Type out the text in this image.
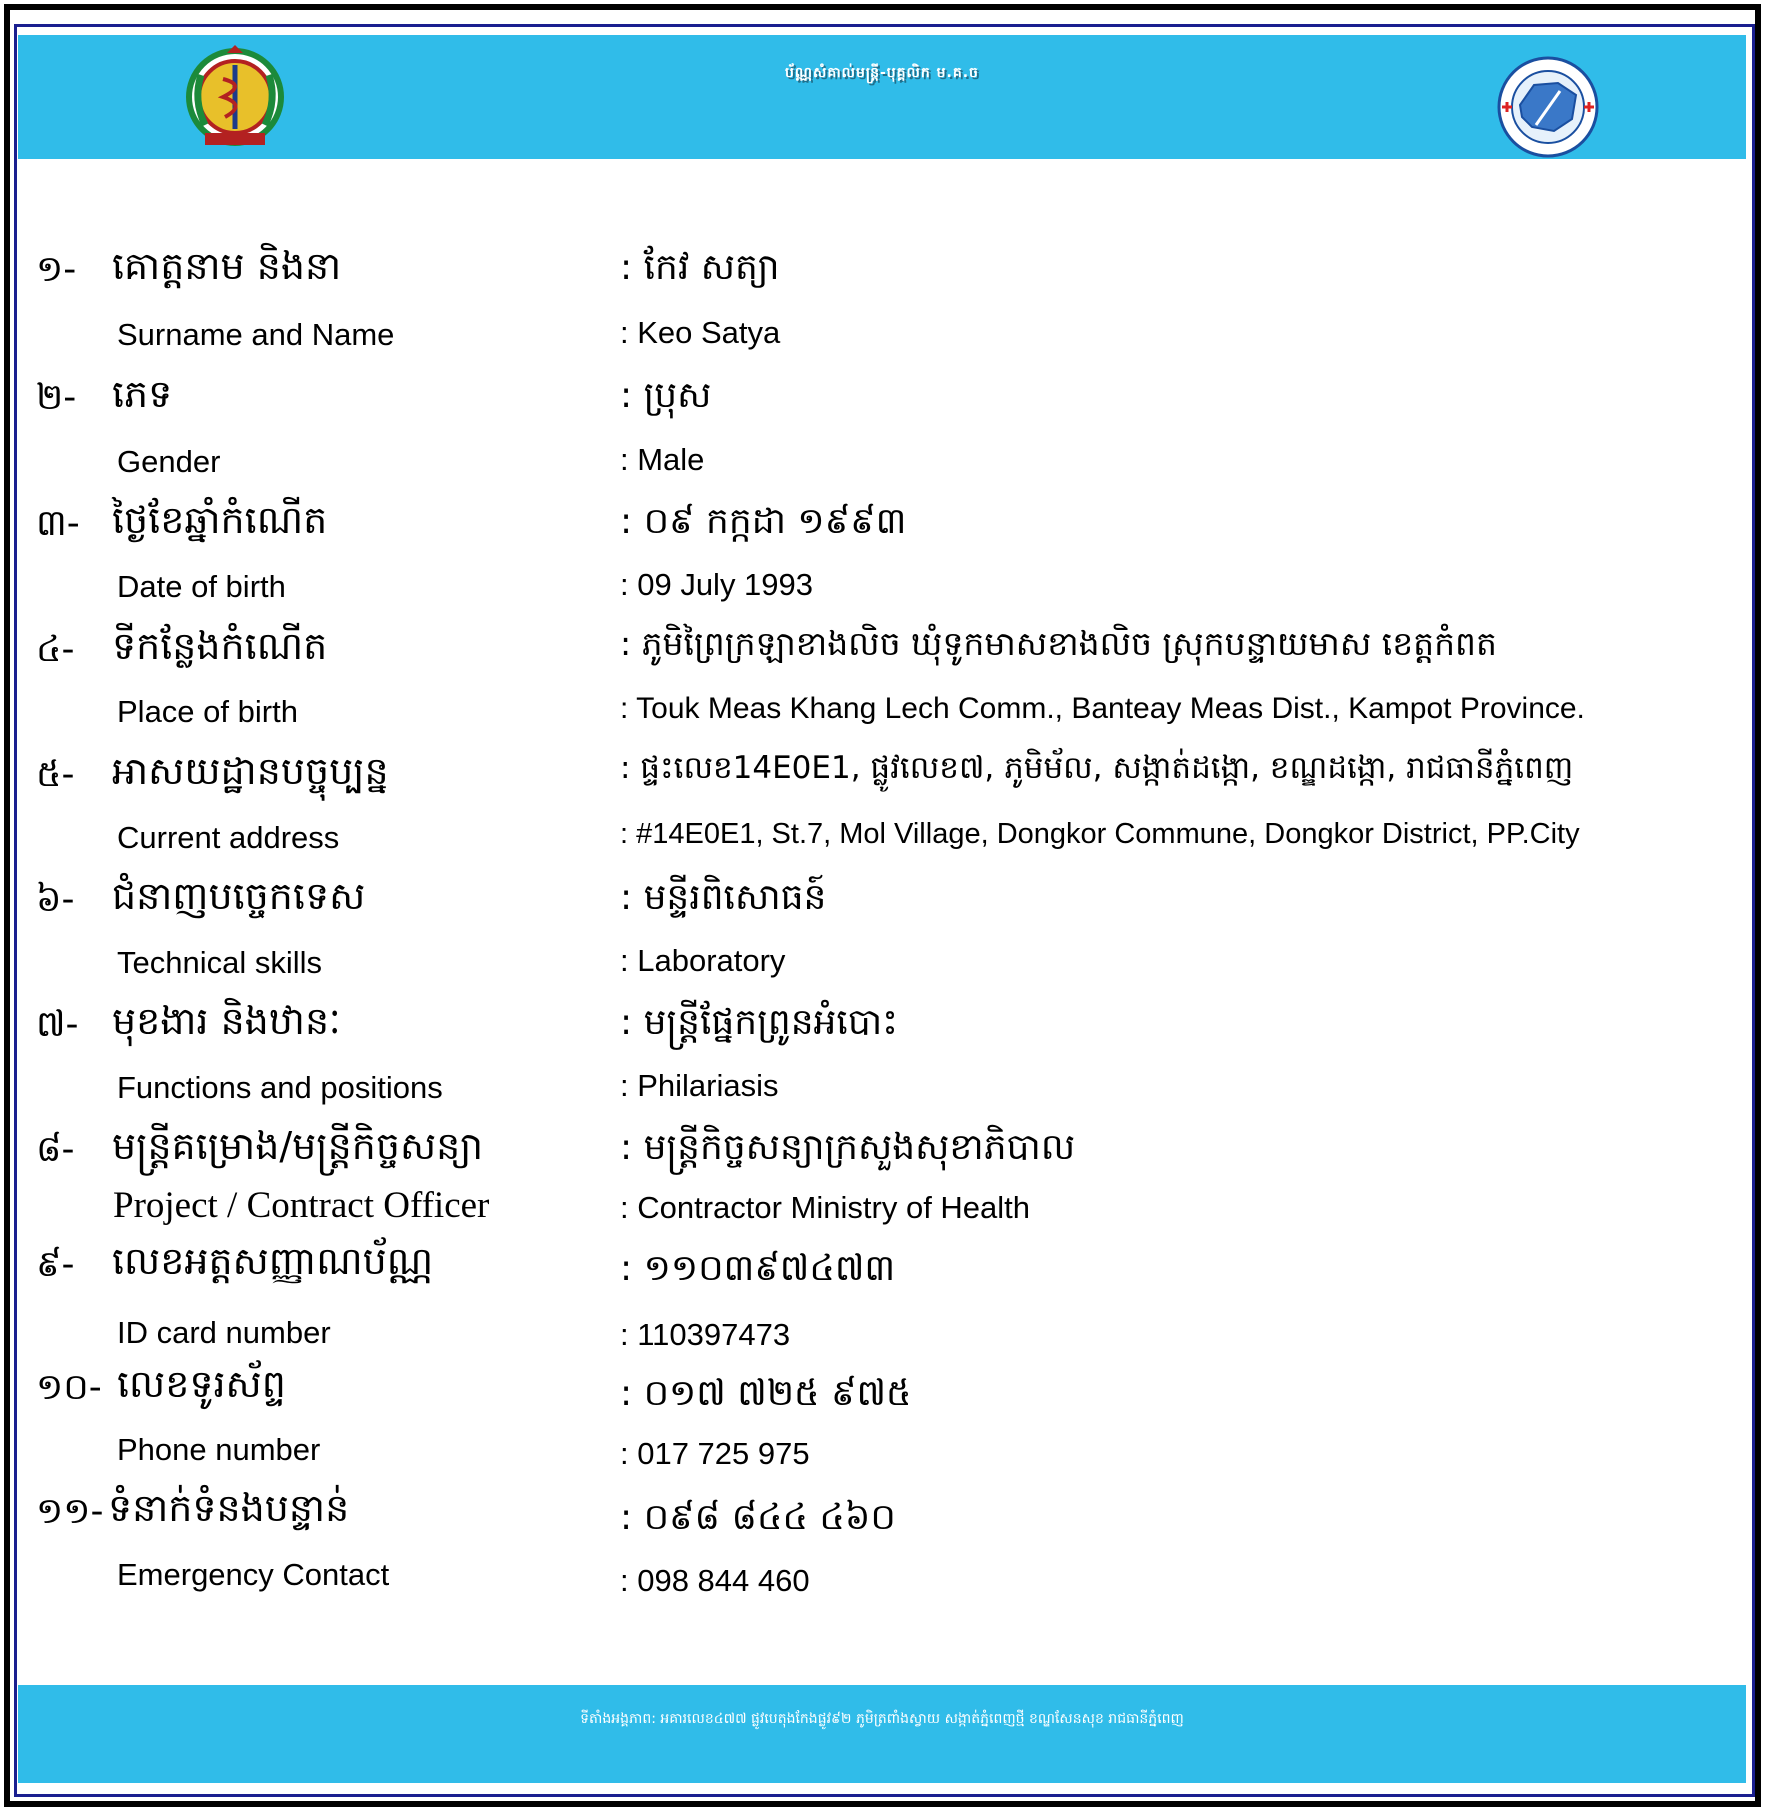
ប័ណ្ណសំគាល់មន្ត្រី-បុគ្គលិក ម.គ.ច
១- គោត្តនាម និងនា	: កែវ សត្យា
Surname and Name	: Keo Satya
២- ភេទ	: ប្រុស
Gender	: Male
៣- ថ្ងៃខែឆ្នាំកំណើត	: ០៩ កក្កដា ១៩៩៣
Date of birth	: 09 July 1993
៤- ទីកន្លែងកំណើត	: ភូមិព្រៃក្រឡាខាងលិច ឃុំទូកមាសខាងលិច ស្រុកបន្ទាយមាស ខេត្តកំពត
Place of birth	: Touk Meas Khang Lech Comm., Banteay Meas Dist., Kampot Province.
៥- អាសយដ្ឋានបច្ចុប្បន្ន	: ផ្ទះលេខ14E0E1, ផ្លូវលេខ៧, ភូមិម័ល, សង្កាត់ដង្កោ, ខណ្ឌដង្កោ, រាជធានីភ្នំពេញ
Current address	: #14E0E1, St.7, Mol Village, Dongkor Commune, Dongkor District, PP.City
៦- ជំនាញបច្ចេកទេស	: មន្ទីរពិសោធន៍
Technical skills	: Laboratory
៧- មុខងារ និងឋានៈ	: មន្ត្រីផ្នែកព្រូនអំបោះ
Functions and positions	: Philariasis
៨- មន្ត្រីគម្រោង/មន្ត្រីកិច្ចសន្យា	: មន្ត្រីកិច្ចសន្យាក្រសួងសុខាភិបាល
Project / Contract Officer	: Contractor Ministry of Health
៩- លេខអត្តសញ្ញាណប័ណ្ណ	: ១១០៣៩៧៤៧៣
ID card number	: 110397473
១០- លេខទូរស័ព្ទ	: ០១៧ ៧២៥ ៩៧៥
Phone number	: 017 725 975
១១- ទំនាក់ទំនងបន្ទាន់	: ០៩៨ ៨៤៤ ៤៦០
Emergency Contact	: 098 844 460
ទីតាំងអង្គភាព: អគារលេខ៤៧៧ ផ្លូវបេតុងកែងផ្លូវ៩២ ភូមិត្រពាំងស្វាយ សង្កាត់ភ្នំពេញថ្មី ខណ្ឌសែនសុខ រាជធានីភ្នំពេញ
